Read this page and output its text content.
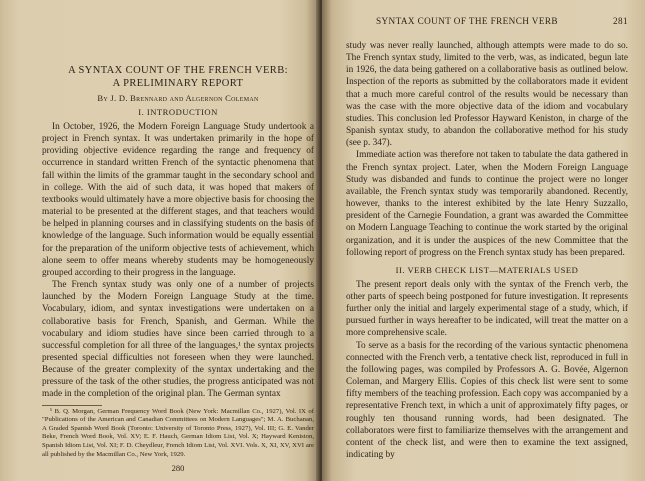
A SYNTAX COUNT OF THE FRENCH VERB:

A PRELIMINARY REPORT

By J. D. Brennard and Algernon Coleman

I. INTRODUCTION

In October, 1926, the Modern Foreign Language Study undertook a project in French syntax. It was undertaken primarily in the hope of providing objective evidence regarding the range and frequency of occurrence in standard written French of the syntactic phenomena that fall within the limits of the grammar taught in the secondary school and in college. With the aid of such data, it was hoped that makers of textbooks would ultimately have a more objective basis for choosing the material to be presented at the different stages, and that teachers would be helped in planning courses and in classifying students on the basis of knowledge of the language. Such information would be equally essential for the preparation of the uniform objective tests of achievement, which alone seem to offer means whereby students may be homogeneously grouped according to their progress in the language.

The French syntax study was only one of a number of projects launched by the Modern Foreign Language Study at the time. Vocabulary, idiom, and syntax investigations were undertaken on a collaborative basis for French, Spanish, and German. While the vocabulary and idiom studies have since been carried through to a successful completion for all three of the languages,¹ the syntax projects presented special difficulties not foreseen when they were launched. Because of the greater complexity of the syntax undertaking and the pressure of the task of the other studies, the progress anticipated was not made in the completion of the original plan. The German syntax

¹ B. Q. Morgan, German Frequency Word Book (New York: Macmillan Co., 1927), Vol. IX of "Publications of the American and Canadian Committees on Modern Languages"; M. A. Buchanan, A Graded Spanish Word Book (Toronto: University of Toronto Press, 1927), Vol. III; G. E. Vander Beke, French Word Book, Vol. XV; E. F. Hauch, German Idiom List, Vol. X; Hayward Keniston, Spanish Idiom List, Vol. XI; F. D. Cheydleur, French Idiom List, Vol. XVI. Vols. X, XI, XV, XVI are all published by the Macmillan Co., New York, 1929.

280
SYNTAX COUNT OF THE FRENCH VERB	281

study was never really launched, although attempts were made to do so. The French syntax study, limited to the verb, was, as indicated, begun late in 1926, the data being gathered on a collaborative basis as outlined below. Inspection of the reports as submitted by the collaborators made it evident that a much more careful control of the results would be necessary than was the case with the more objective data of the idiom and vocabulary studies. This conclusion led Professor Hayward Keniston, in charge of the Spanish syntax study, to abandon the collaborative method for his study (see p. 347).

Immediate action was therefore not taken to tabulate the data gathered in the French syntax project. Later, when the Modern Foreign Language Study was disbanded and funds to continue the project were no longer available, the French syntax study was temporarily abandoned. Recently, however, thanks to the interest exhibited by the late Henry Suzzallo, president of the Carnegie Foundation, a grant was awarded the Committee on Modern Language Teaching to continue the work started by the original organization, and it is under the auspices of the new Committee that the following report of progress on the French syntax study has been prepared.

II. VERB CHECK LIST—MATERIALS USED

The present report deals only with the syntax of the French verb, the other parts of speech being postponed for future investigation. It represents further only the initial and largely experimental stage of a study, which, if pursued further in ways hereafter to be indicated, will treat the matter on a more comprehensive scale.

To serve as a basis for the recording of the various syntactic phenomena connected with the French verb, a tentative check list, reproduced in full in the following pages, was compiled by Professors A. G. Bovée, Algernon Coleman, and Margery Ellis. Copies of this check list were sent to some fifty members of the teaching profession. Each copy was accompanied by a representative French text, in which a unit of approximately fifty pages, or roughly ten thousand running words, had been designated. The collaborators were first to familiarize themselves with the arrangement and content of the check list, and were then to examine the text assigned, indicating by
